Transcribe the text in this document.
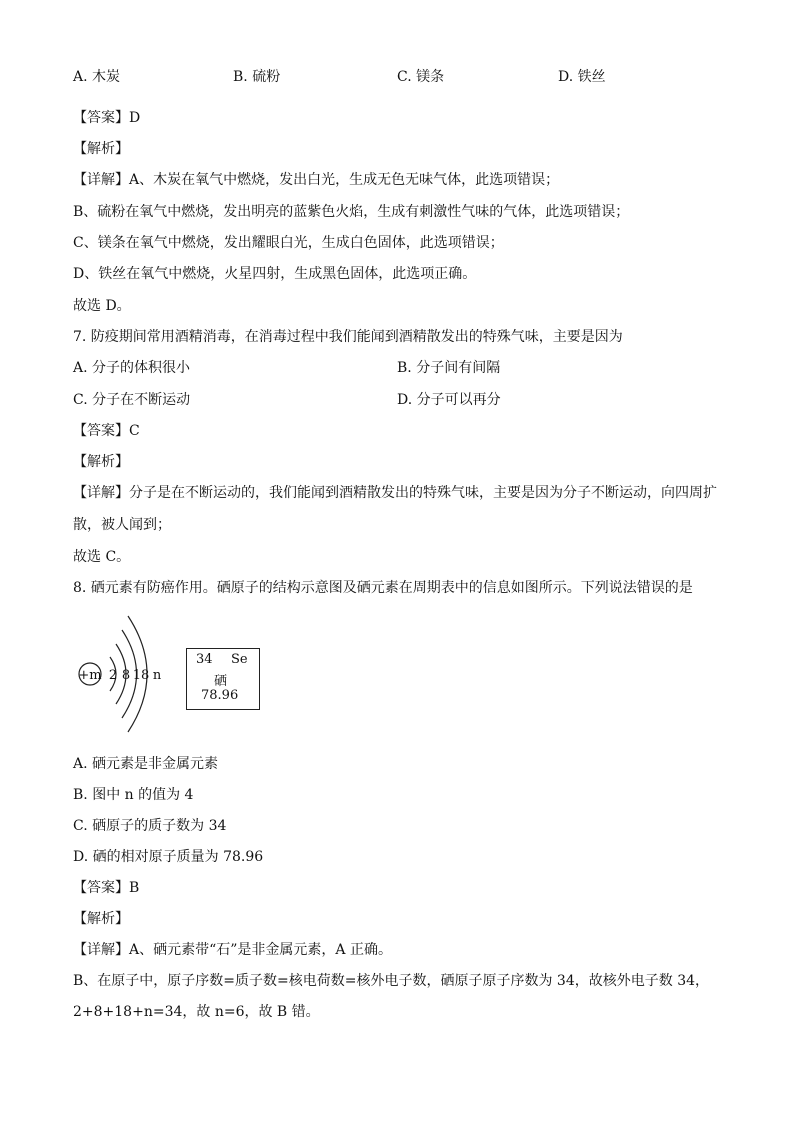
A. 木炭	B. 硫粉	C. 镁条	D. 铁丝
【答案】D
【解析】
【详解】A、木炭在氧气中燃烧，发出白光，生成无色无味气体，此选项错误；
B、硫粉在氧气中燃烧，发出明亮的蓝紫色火焰，生成有刺激性气味的气体，此选项错误；
C、镁条在氧气中燃烧，发出耀眼白光，生成白色固体，此选项错误；
D、铁丝在氧气中燃烧，火星四射，生成黑色固体，此选项正确。
故选 D。
7. 防疫期间常用酒精消毒，在消毒过程中我们能闻到酒精散发出的特殊气味，主要是因为
A. 分子的体积很小	B. 分子间有间隔
C. 分子在不断运动	D. 分子可以再分
【答案】C
【解析】
【详解】分子是在不断运动的，我们能闻到酒精散发出的特殊气味，主要是因为分子不断运动，向四周扩
散，被人闻到；
故选 C。
8. 硒元素有防癌作用。硒原子的结构示意图及硒元素在周期表中的信息如图所示。下列说法错误的是
+m 2 8 18 n
34 Se
硒
78.96
A. 硒元素是非金属元素
B. 图中 n 的值为 4
C. 硒原子的质子数为 34
D. 硒的相对原子质量为 78.96
【答案】B
【解析】
【详解】A、硒元素带“石”是非金属元素，A 正确。
B、在原子中，原子序数=质子数=核电荷数=核外电子数，硒原子原子序数为 34，故核外电子数 34，
2+8+18+n=34，故 n=6，故 B 错。
